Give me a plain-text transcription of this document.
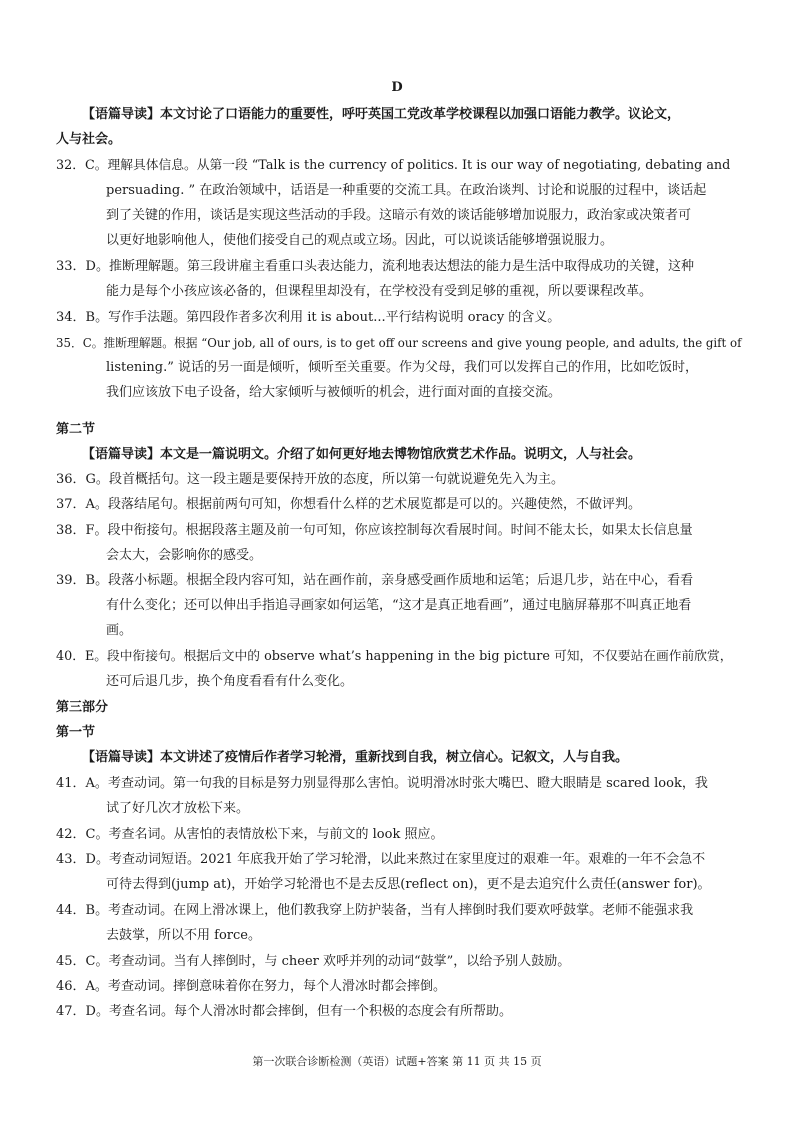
D
【语篇导读】本文讨论了口语能力的重要性，呼吁英国工党改革学校课程以加强口语能力教学。议论文，
人与社会。
32．C。理解具体信息。从第一段 “Talk is the currency of politics. It is our way of negotiating, debating and
persuading. ” 在政治领域中，话语是一种重要的交流工具。在政治谈判、讨论和说服的过程中，谈话起
到了关键的作用，谈话是实现这些活动的手段。这暗示有效的谈话能够增加说服力，政治家或决策者可
以更好地影响他人，使他们接受自己的观点或立场。因此，可以说谈话能够增强说服力。
33．D。推断理解题。第三段讲雇主看重口头表达能力，流利地表达想法的能力是生活中取得成功的关键，这种
能力是每个小孩应该必备的，但课程里却没有，在学校没有受到足够的重视，所以要课程改革。
34．B。写作手法题。第四段作者多次利用 it is about...平行结构说明 oracy 的含义。
35．C。推断理解题。根据 “Our job, all of ours, is to get off our screens and give young people, and adults, the gift of
listening.” 说话的另一面是倾听，倾听至关重要。作为父母，我们可以发挥自己的作用，比如吃饭时，
我们应该放下电子设备，给大家倾听与被倾听的机会，进行面对面的直接交流。
第二节
【语篇导读】本文是一篇说明文。介绍了如何更好地去博物馆欣赏艺术作品。说明文，人与社会。
36．G。段首概括句。这一段主题是要保持开放的态度，所以第一句就说避免先入为主。
37．A。段落结尾句。根据前两句可知，你想看什么样的艺术展览都是可以的。兴趣使然，不做评判。
38．F。段中衔接句。根据段落主题及前一句可知，你应该控制每次看展时间。时间不能太长，如果太长信息量
会太大，会影响你的感受。
39．B。段落小标题。根据全段内容可知，站在画作前，亲身感受画作质地和运笔；后退几步，站在中心，看看
有什么变化；还可以伸出手指追寻画家如何运笔，“这才是真正地看画”，通过电脑屏幕那不叫真正地看
画。
40．E。段中衔接句。根据后文中的 observe what’s happening in the big picture 可知，不仅要站在画作前欣赏，
还可后退几步，换个角度看看有什么变化。
第三部分
第一节
【语篇导读】本文讲述了疫情后作者学习轮滑，重新找到自我，树立信心。记叙文，人与自我。
41．A。考查动词。第一句我的目标是努力别显得那么害怕。说明滑冰时张大嘴巴、瞪大眼睛是 scared look，我
试了好几次才放松下来。
42．C。考查名词。从害怕的表情放松下来，与前文的 look 照应。
43．D。考查动词短语。2021 年底我开始了学习轮滑，以此来熬过在家里度过的艰难一年。艰难的一年不会急不
可待去得到(jump at)，开始学习轮滑也不是去反思(reflect on)，更不是去追究什么责任(answer for)。
44．B。考查动词。在网上滑冰课上，他们教我穿上防护装备，当有人摔倒时我们要欢呼鼓掌。老师不能强求我
去鼓掌，所以不用 force。
45．C。考查动词。当有人摔倒时，与 cheer 欢呼并列的动词“鼓掌”，以给予别人鼓励。
46．A。考查动词。摔倒意味着你在努力，每个人滑冰时都会摔倒。
47．D。考查名词。每个人滑冰时都会摔倒，但有一个积极的态度会有所帮助。
第一次联合诊断检测（英语）试题+答案 第 11 页 共 15 页
